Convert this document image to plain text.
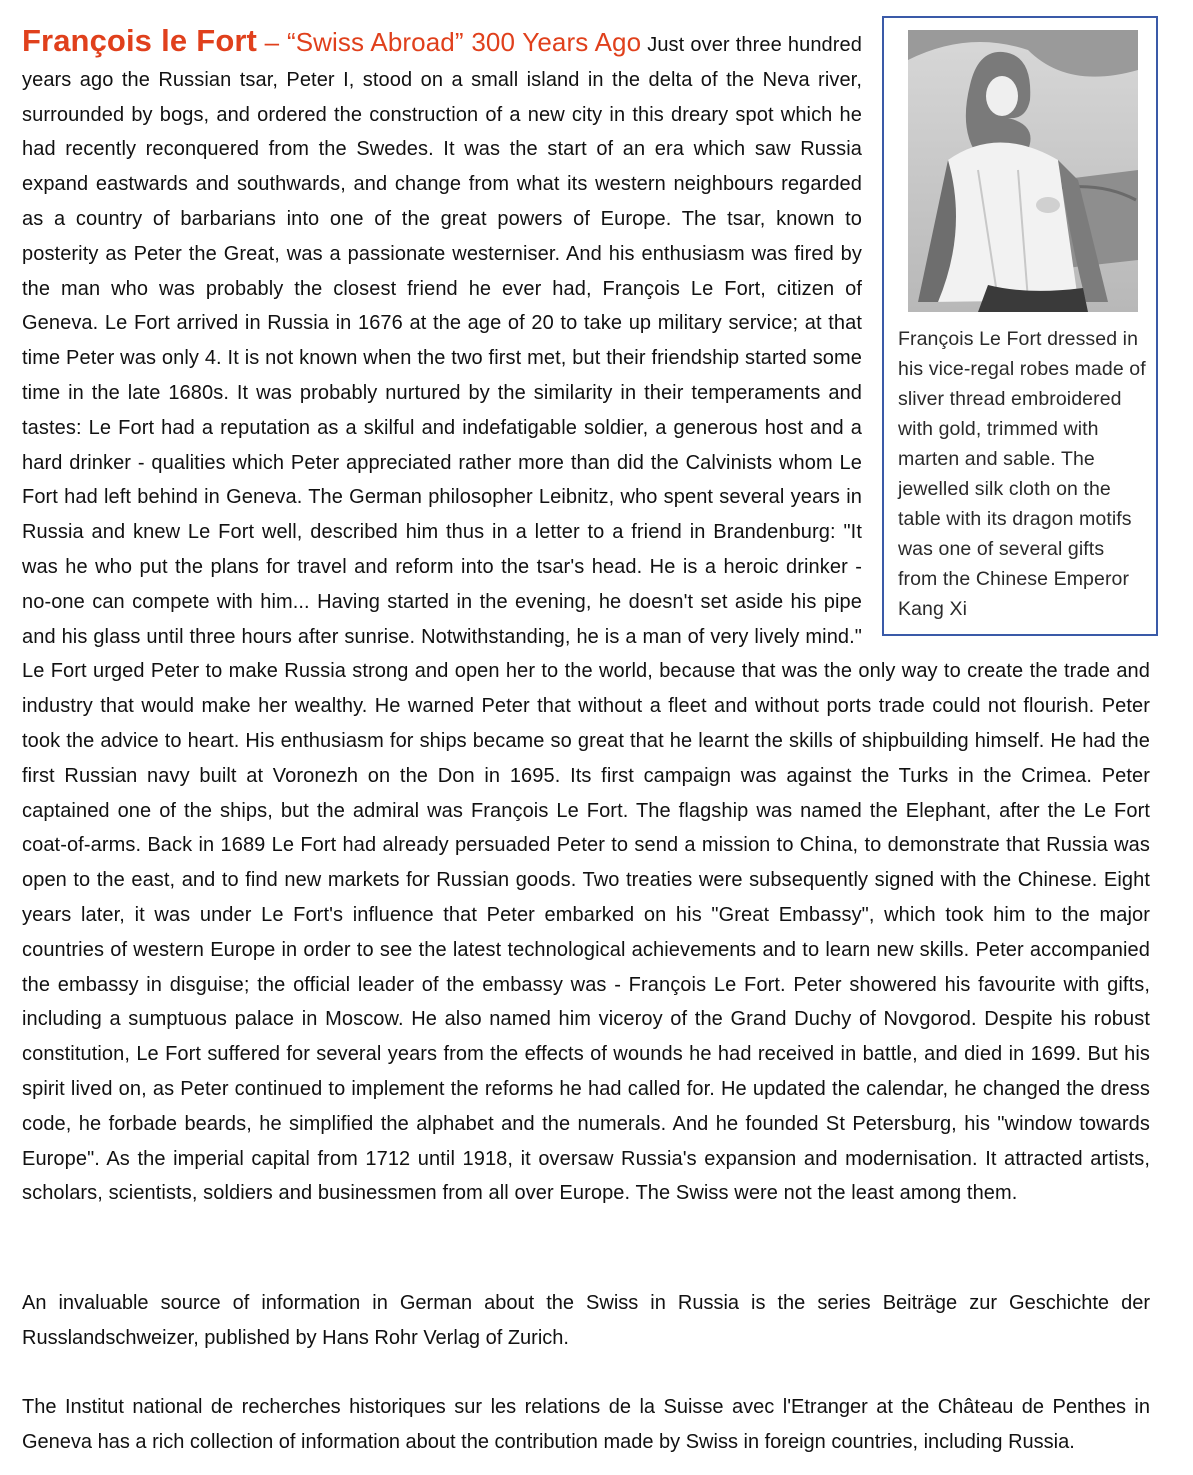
François Le Fort dressed in his vice-regal robes made of sliver thread embroidered with gold, trimmed with marten and sable. The jewelled silk cloth on the table with its dragon motifs was one of several gifts from the Chinese Emperor Kang Xi
François le Fort – “Swiss Abroad” 300 Years Ago Just over three hundred years ago the Russian tsar, Peter I, stood on a small island in the delta of the Neva river, surrounded by bogs, and ordered the construction of a new city in this dreary spot which he had recently reconquered from the Swedes. It was the start of an era which saw Russia expand eastwards and southwards, and change from what its western neighbours regarded as a country of barbarians into one of the great powers of Europe. The tsar, known to posterity as Peter the Great, was a passionate westerniser. And his enthusiasm was fired by the man who was probably the closest friend he ever had, François Le Fort, citizen of Geneva. Le Fort arrived in Russia in 1676 at the age of 20 to take up military service; at that time Peter was only 4. It is not known when the two first met, but their friendship started some time in the late 1680s. It was probably nurtured by the similarity in their temperaments and tastes: Le Fort had a reputation as a skilful and indefatigable soldier, a generous host and a hard drinker - qualities which Peter appreciated rather more than did the Calvinists whom Le Fort had left behind in Geneva. The German philosopher Leibnitz, who spent several years in Russia and knew Le Fort well, described him thus in a letter to a friend in Brandenburg: "It was he who put the plans for travel and reform into the tsar's head. He is a heroic drinker - no-one can compete with him... Having started in the evening, he doesn't set aside his pipe and his glass until three hours after sunrise. Notwithstanding, he is a man of very lively mind." Le Fort urged Peter to make Russia strong and open her to the world, because that was the only way to create the trade and industry that would make her wealthy. He warned Peter that without a fleet and without ports trade could not flourish. Peter took the advice to heart. His enthusiasm for ships became so great that he learnt the skills of shipbuilding himself. He had the first Russian navy built at Voronezh on the Don in 1695. Its first campaign was against the Turks in the Crimea. Peter captained one of the ships, but the admiral was François Le Fort. The flagship was named the Elephant, after the Le Fort coat-of-arms. Back in 1689 Le Fort had already persuaded Peter to send a mission to China, to demonstrate that Russia was open to the east, and to find new markets for Russian goods. Two treaties were subsequently signed with the Chinese. Eight years later, it was under Le Fort's influence that Peter embarked on his "Great Embassy", which took him to the major countries of western Europe in order to see the latest technological achievements and to learn new skills. Peter accompanied the embassy in disguise; the official leader of the embassy was - François Le Fort. Peter showered his favourite with gifts, including a sumptuous palace in Moscow. He also named him viceroy of the Grand Duchy of Novgorod. Despite his robust constitution, Le Fort suffered for several years from the effects of wounds he had received in battle, and died in 1699. But his spirit lived on, as Peter continued to implement the reforms he had called for. He updated the calendar, he changed the dress code, he forbade beards, he simplified the alphabet and the numerals. And he founded St Petersburg, his "window towards Europe". As the imperial capital from 1712 until 1918, it oversaw Russia's expansion and modernisation. It attracted artists, scholars, scientists, soldiers and businessmen from all over Europe. The Swiss were not the least among them.
An invaluable source of information in German about the Swiss in Russia is the series Beiträge zur Geschichte der Russlandschweizer, published by Hans Rohr Verlag of Zurich.
The Institut national de recherches historiques sur les relations de la Suisse avec l'Etranger at the Château de Penthes in Geneva has a rich collection of information about the contribution made by Swiss in foreign countries, including Russia.
